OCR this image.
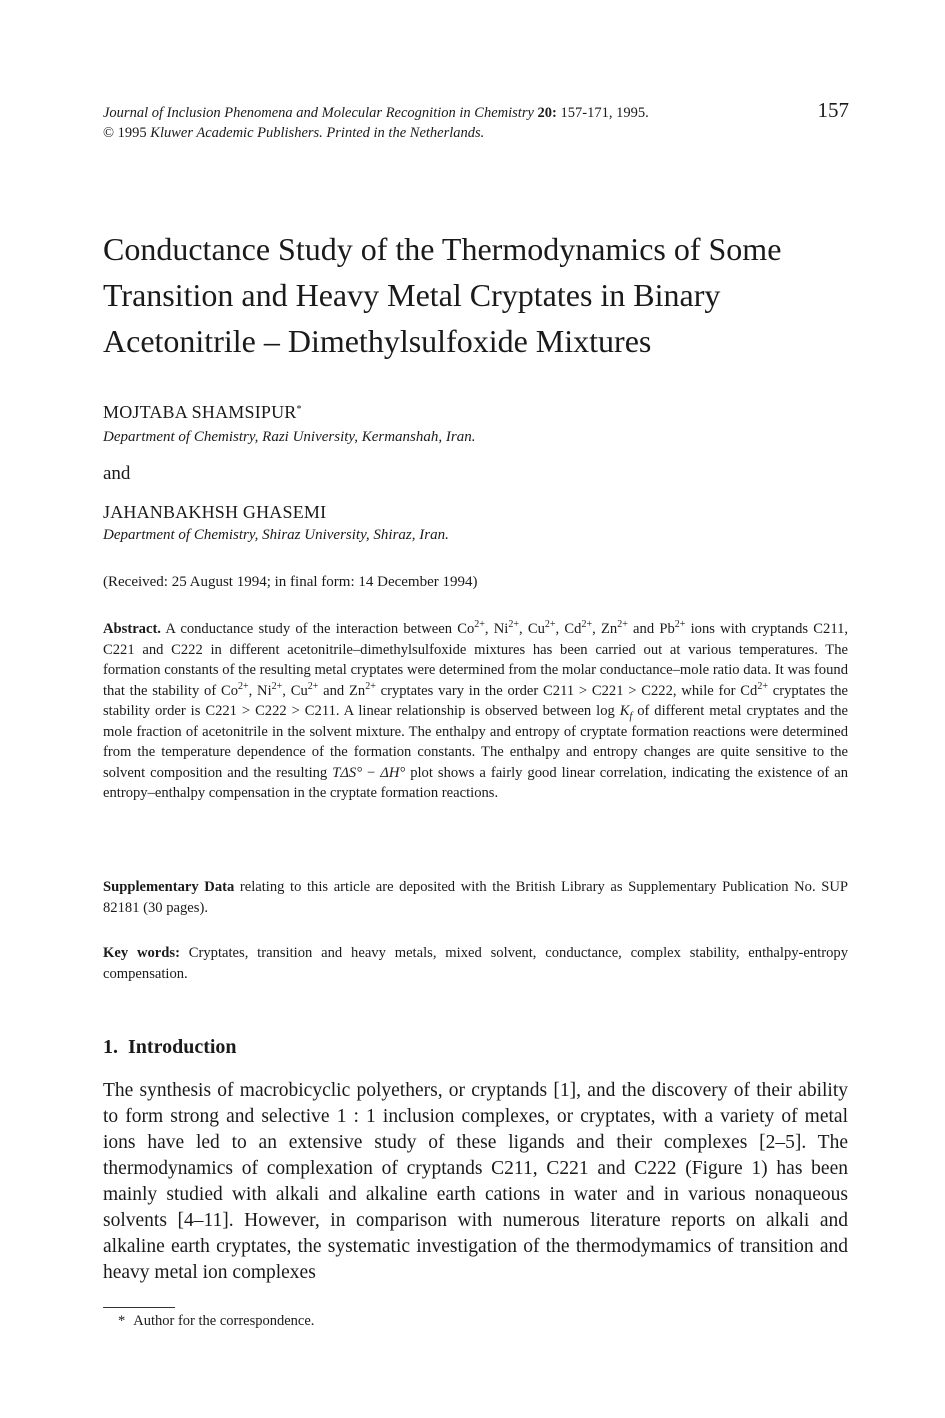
Journal of Inclusion Phenomena and Molecular Recognition in Chemistry 20: 157-171, 1995.
© 1995 Kluwer Academic Publishers. Printed in the Netherlands.
157
Conductance Study of the Thermodynamics of Some
Transition and Heavy Metal Cryptates in Binary
Acetonitrile – Dimethylsulfoxide Mixtures
MOJTABA SHAMSIPUR*
Department of Chemistry, Razi University, Kermanshah, Iran.
and
JAHANBAKHSH GHASEMI
Department of Chemistry, Shiraz University, Shiraz, Iran.
(Received: 25 August 1994; in final form: 14 December 1994)
Abstract. A conductance study of the interaction between $Co^{2+}$, $Ni^{2+}$, $Cu^{2+}$, $Cd^{2+}$, $Zn^{2+}$ and $Pb^{2+}$ ions with cryptands C211, C221 and C222 in different acetonitrile–dimethylsulfoxide mixtures has been carried out at various temperatures. The formation constants of the resulting metal cryptates were determined from the molar conductance–mole ratio data. It was found that the stability of $Co^{2+}$, $Ni^{2+}$, $Cu^{2+}$ and $Zn^{2+}$ cryptates vary in the order C211 > C221 > C222, while for $Cd^{2+}$ cryptates the stability order is C221 > C222 > C211. A linear relationship is observed between $\log K_f$ of different metal cryptates and the mole fraction of acetonitrile in the solvent mixture. The enthalpy and entropy of cryptate formation reactions were determined from the temperature dependence of the formation constants. The enthalpy and entropy changes are quite sensitive to the solvent composition and the resulting TΔS° − ΔH° plot shows a fairly good linear correlation, indicating the existence of an entropy–enthalpy compensation in the cryptate formation reactions.
Supplementary Data relating to this article are deposited with the British Library as Supplementary Publication No. SUP 82181 (30 pages).
Key words: Cryptates, transition and heavy metals, mixed solvent, conductance, complex stability, enthalpy-entropy compensation.
1. Introduction
The synthesis of macrobicyclic polyethers, or cryptands [1], and the discovery of their ability to form strong and selective 1 : 1 inclusion complexes, or cryptates, with a variety of metal ions have led to an extensive study of these ligands and their complexes [2–5]. The thermodynamics of complexation of cryptands C211, C221 and C222 (Figure 1) has been mainly studied with alkali and alkaline earth cations in water and in various nonaqueous solvents [4–11]. However, in comparison with numerous literature reports on alkali and alkaline earth cryptates, the systematic investigation of the thermodymamics of transition and heavy metal ion complexes
* Author for the correspondence.
